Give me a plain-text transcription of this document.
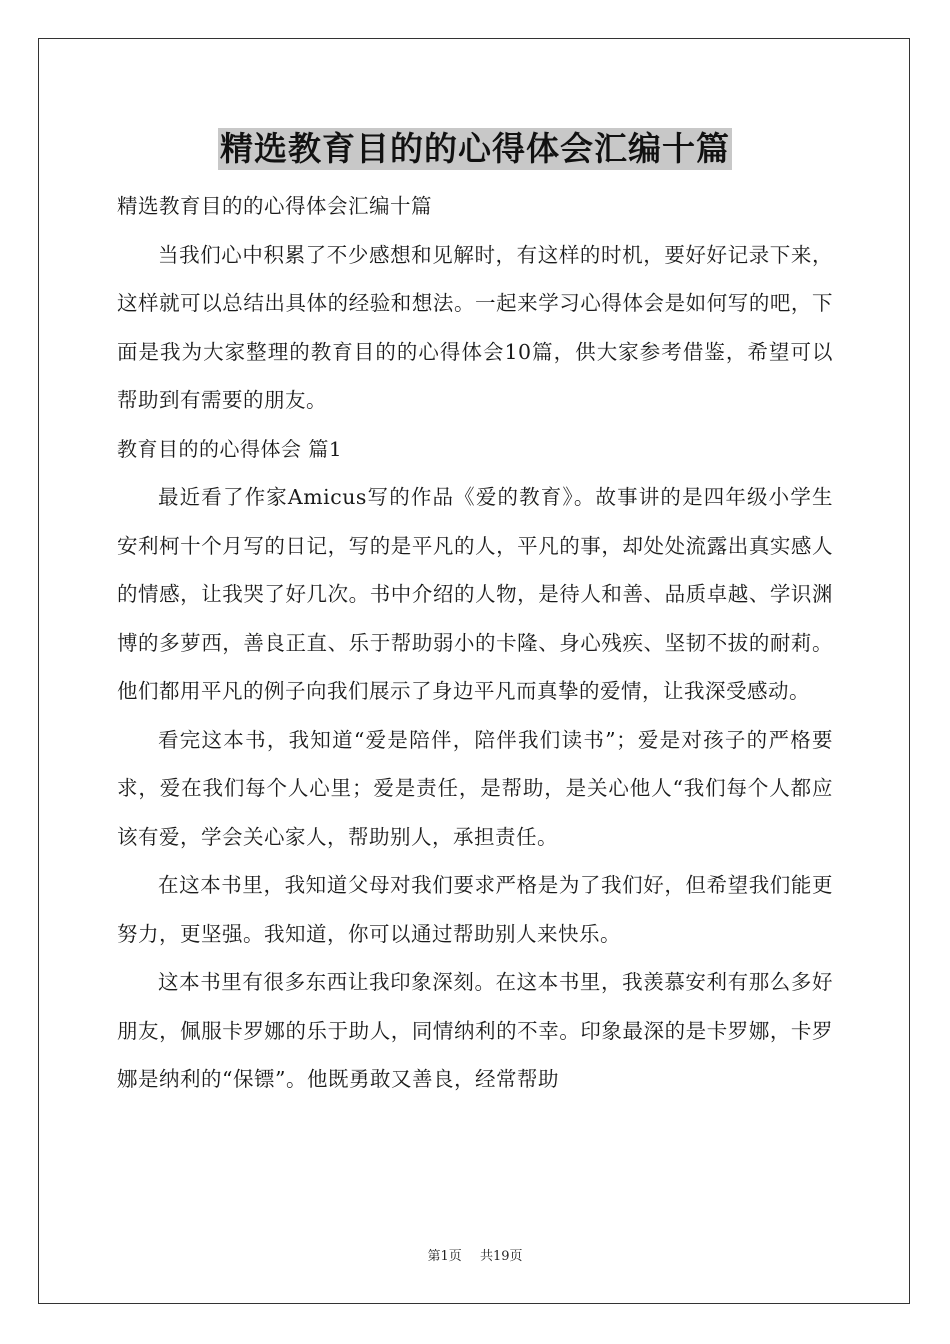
精选教育目的的心得体会汇编十篇

精选教育目的的心得体会汇编十篇

当我们心中积累了不少感想和见解时，有这样的时机，要好好记录下来，这样就可以总结出具体的经验和想法。一起来学习心得体会是如何写的吧，下面是我为大家整理的教育目的的心得体会10篇，供大家参考借鉴，希望可以帮助到有需要的朋友。

教育目的的心得体会 篇1

最近看了作家Amicus写的作品《爱的教育》。故事讲的是四年级小学生安利柯十个月写的日记，写的是平凡的人，平凡的事，却处处流露出真实感人的情感，让我哭了好几次。书中介绍的人物，是待人和善、品质卓越、学识渊博的多萝西，善良正直、乐于帮助弱小的卡隆、身心残疾、坚韧不拔的耐莉。他们都用平凡的例子向我们展示了身边平凡而真挚的爱情，让我深受感动。

看完这本书，我知道“爱是陪伴，陪伴我们读书”；爱是对孩子的严格要求，爱在我们每个人心里；爱是责任，是帮助，是关心他人“我们每个人都应该有爱，学会关心家人，帮助别人，承担责任。

在这本书里，我知道父母对我们要求严格是为了我们好，但希望我们能更努力，更坚强。我知道，你可以通过帮助别人来快乐。

这本书里有很多东西让我印象深刻。在这本书里，我羡慕安利有那么多好朋友，佩服卡罗娜的乐于助人，同情纳利的不幸。印象最深的是卡罗娜，卡罗娜是纳利的“保镖”。他既勇敢又善良，经常帮助

第1页 共19页
